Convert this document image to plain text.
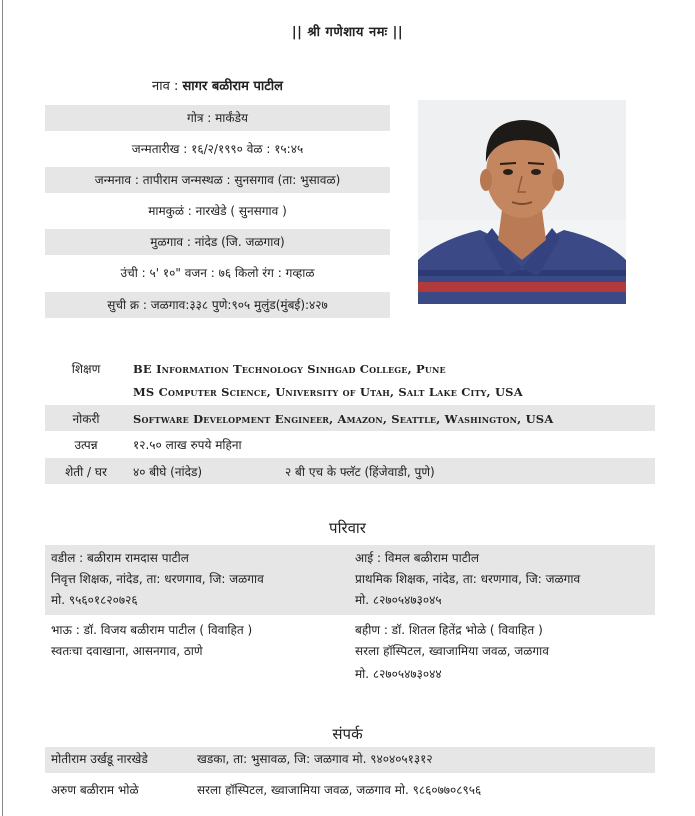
|| श्री गणेशाय नमः ||
नाव : सागर बळीराम पाटील
गोत्र : मार्कंडेय
जन्मतारीख : १६/२/१९९० वेळ : १५:४५
जन्मनाव : तापीराम जन्मस्थळ : सुनसगाव (ता: भुसावळ)
मामकुळं : नारखेडे ( सुनसगाव )
मुळगाव : नांदेड (जि. जळगाव)
उंची : ५' १०" वजन : ७६ किलो रंग : गव्हाळ
सुची क्र : जळगाव:३३८ पुणे:९०५ मुलुंड(मुंबई):४२७
शिक्षण	BE Information Technology Sinhgad College, Pune
MS Computer Science, University of Utah, Salt Lake City, USA
नोकरी	Software Development Engineer, Amazon, Seattle, Washington, USA
उत्पन्न	१२.५० लाख रुपये महिना
शेती / घर	४० बीघे (नांदेड)	२ बी एच के फ्लॅट (हिंजेवाडी, पुणे)
परिवार
वडील : बळीराम रामदास पाटील
निवृत्त शिक्षक, नांदेड, ता: धरणगाव, जि: जळगाव
मो. ९५६०१८२०७२६
आई : विमल बळीराम पाटील
प्राथमिक शिक्षक, नांदेड, ता: धरणगाव, जि: जळगाव
मो. ८२७०५४७३०४५
भाऊ : डॉ. विजय बळीराम पाटील ( विवाहित )
स्वतःचा दवाखाना, आसनगाव, ठाणे
बहीण : डॉ. शितल हितेंद्र भोळे ( विवाहित )
सरला हॉस्पिटल, ख्वाजामिया जवळ, जळगाव
मो. ८२७०५४७३०४४
संपर्क
मोतीराम उर्खडू नारखेडे	खडका, ता: भुसावळ, जि: जळगाव मो. ९४०४०५१३१२
अरुण बळीराम भोळे	सरला हॉस्पिटल, ख्वाजामिया जवळ, जळगाव मो. ९८६०७७०८९५६
